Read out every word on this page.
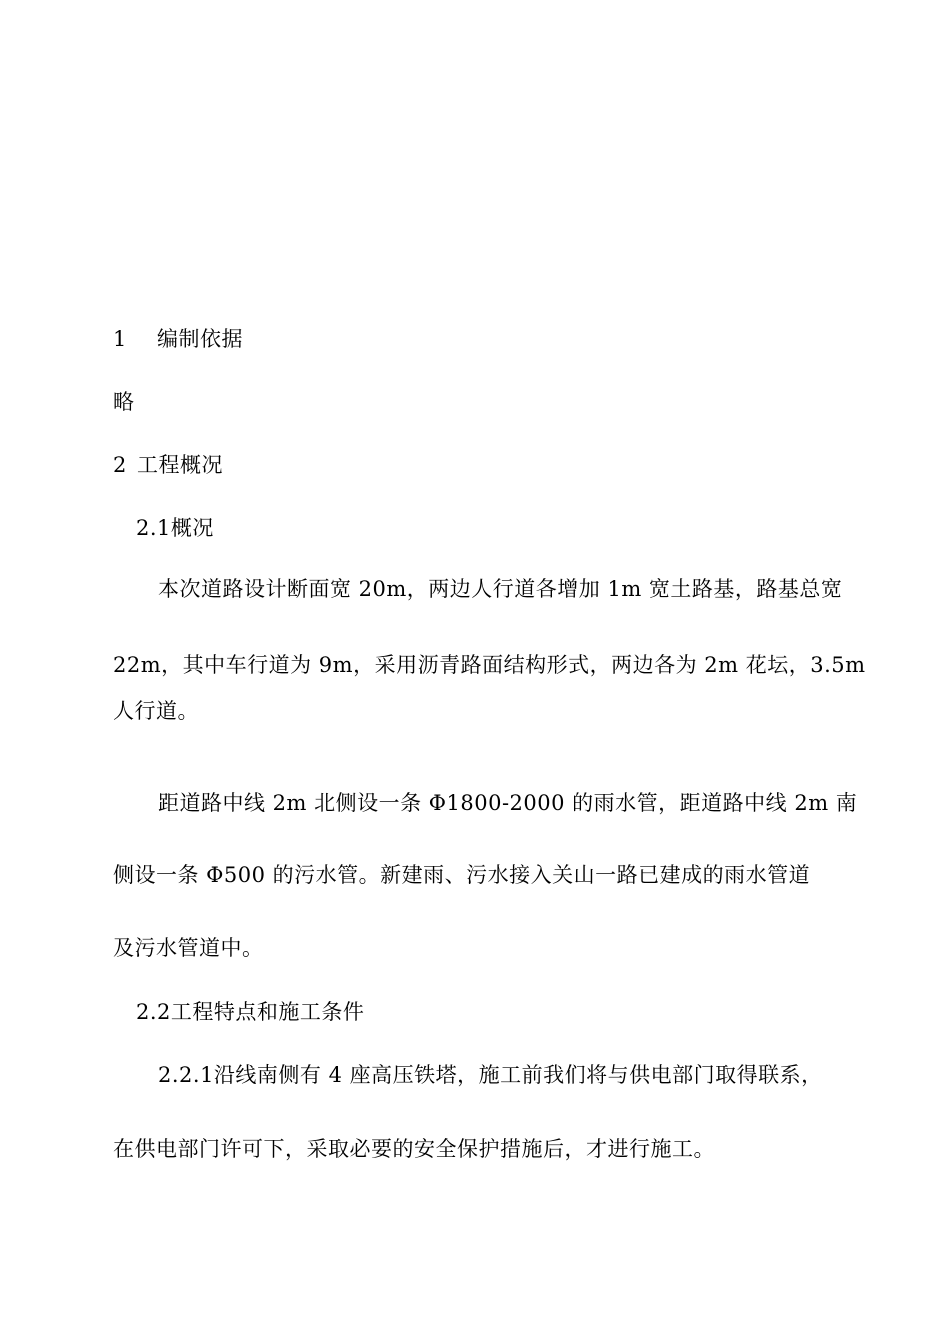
1 编制依据
略
2 工程概况
2.1概况
本次道路设计断面宽 20m，两边人行道各增加 1m 宽土路基，路基总宽
22m，其中车行道为 9m，采用沥青路面结构形式，两边各为 2m 花坛，3.5m
人行道。
距道路中线 2m 北侧设一条 Φ1800-2000 的雨水管，距道路中线 2m 南
侧设一条 Φ500 的污水管。新建雨、污水接入关山一路已建成的雨水管道
及污水管道中。
2.2工程特点和施工条件
2.2.1沿线南侧有 4 座高压铁塔，施工前我们将与供电部门取得联系，
在供电部门许可下，采取必要的安全保护措施后，才进行施工。
